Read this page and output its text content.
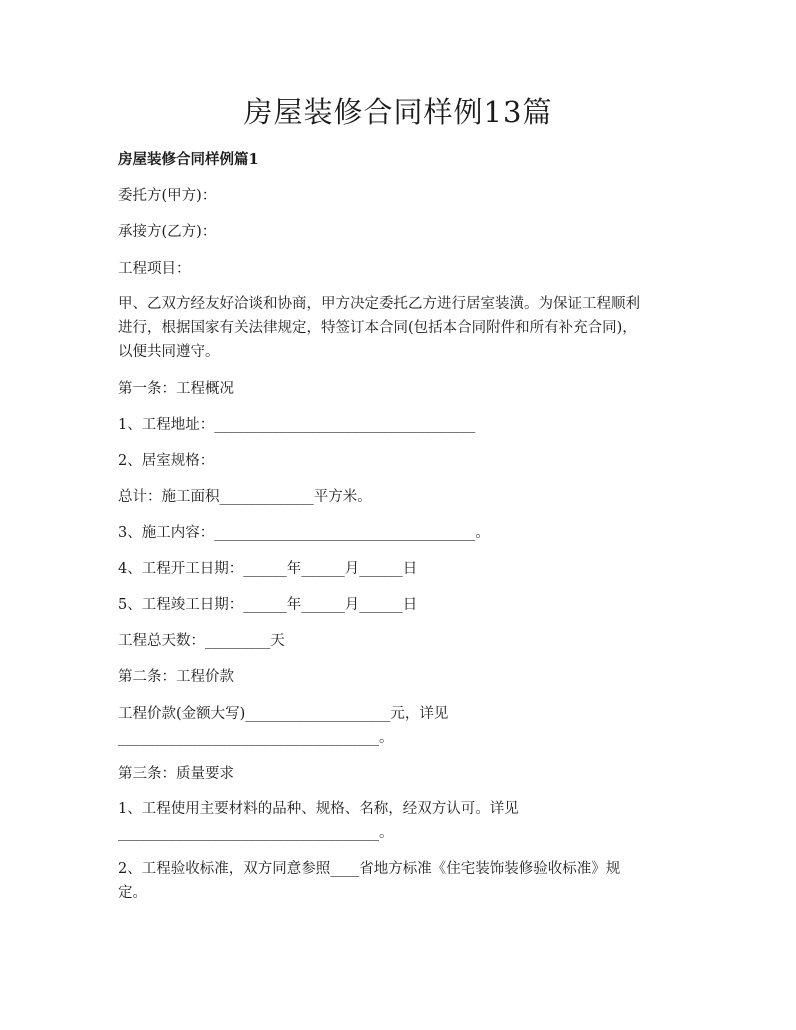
房屋装修合同样例13篇

房屋装修合同样例篇1

委托方(甲方)：

承接方(乙方)：

工程项目：

甲、乙双方经友好洽谈和协商，甲方决定委托乙方进行居室装潢。为保证工程顺利
进行，根据国家有关法律规定，特签订本合同(包括本合同附件和所有补充合同)，
以便共同遵守。

第一条：工程概况

1、工程地址：____________________________________

2、居室规格：

总计：施工面积_____________平方米。

3、施工内容：____________________________________。

4、工程开工日期：______年______月______日

5、工程竣工日期：______年______月______日

工程总天数：_________天

第二条：工程价款

工程价款(金额大写)____________________元，详见
____________________________________。

第三条：质量要求

1、工程使用主要材料的品种、规格、名称，经双方认可。详见
____________________________________。
2、工程验收标准，双方同意参照____省地方标准《住宅装饰装修验收标准》规
定。
